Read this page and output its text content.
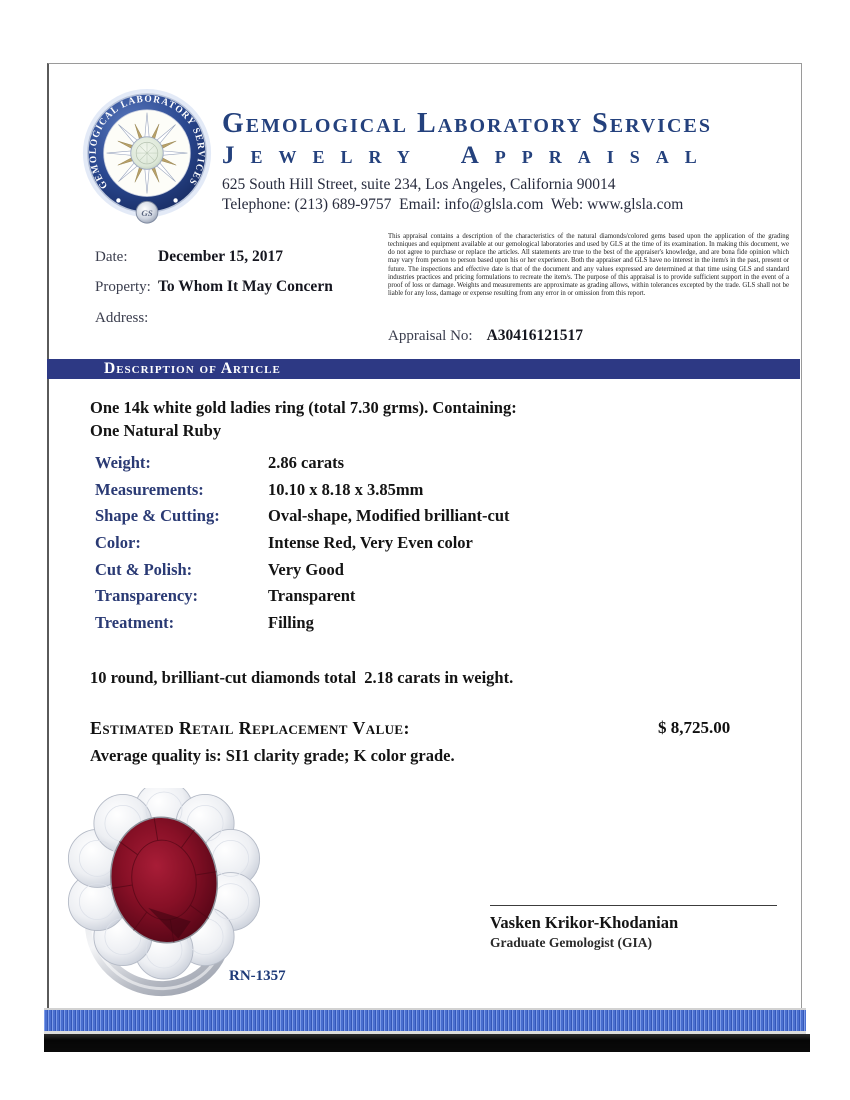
GEMOLOGICAL LABORATORY SERVICES
GS
Gemological Laboratory Services
Jewelry Appraisal
625 South Hill Street, suite 234, Los Angeles, California 90014
Telephone: (213) 689-9757  Email: info@glsla.com  Web: www.glsla.com
Date: December 15, 2017
Property: To Whom It May Concern
Address:
This appraisal contains a description of the characteristics of the natural diamonds/colored gems based upon the application of the grading techniques and equipment available at our gemological laboratories and used by GLS at the time of its examination. In making this document, we do not agree to purchase or replace the articles. All statements are true to the best of the appraiser's knowledge, and are bona fide opinion which may vary from person to person based upon his or her experience. Both the appraiser and GLS have no interest in the item/s in the past, present or future. The inspections and effective date is that of the document and any values expressed are determined at that time using GLS and standard industries practices and pricing formulations to recreate the item/s. The purpose of this appraisal is to provide sufficient support in the event of a proof of loss or damage. Weights and measurements are approximate as grading allows, within tolerances excepted by the trade. GLS shall not be liable for any loss, damage or expense resulting from any error in or omission from this report.
Appraisal No: A30416121517
Description of Article
One 14k white gold ladies ring (total 7.30 grms). Containing:
One Natural Ruby
Weight:	2.86 carats
Measurements:	10.10 x 8.18 x 3.85mm
Shape & Cutting:	Oval-shape, Modified brilliant-cut
Color:	Intense Red, Very Even color
Cut & Polish:	Very Good
Transparency:	Transparent
Treatment:	Filling

10 round, brilliant-cut diamonds total  2.18 carats in weight.

Average quality is: SI1 clarity grade; K color grade.

Estimated Retail Replacement Value:	$ 8,725.00
RN-1357
Vasken Krikor-Khodanian
Graduate Gemologist (GIA)
